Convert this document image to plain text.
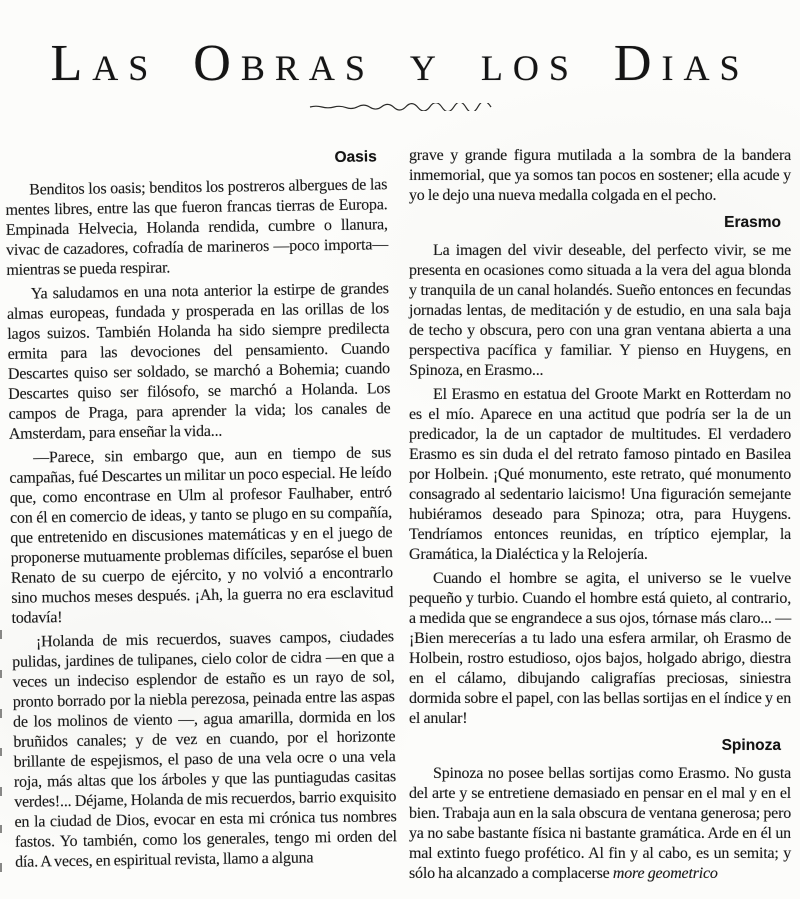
Las Obras y los Dias
Oasis

Benditos los oasis; benditos los postreros albergues de las mentes libres, entre las que fueron francas tierras de Europa. Empinada Helvecia, Holanda rendida, cumbre o llanura, vivac de cazadores, cofradía de marineros —poco importa— mientras se pueda respirar.

Ya saludamos en una nota anterior la estirpe de grandes almas europeas, fundada y prosperada en las orillas de los lagos suizos. También Holanda ha sido siempre predilecta ermita para las devociones del pensamiento. Cuando Descartes quiso ser soldado, se marchó a Bohemia; cuando Descartes quiso ser filósofo, se marchó a Holanda. Los campos de Praga, para aprender la vida; los canales de Amsterdam, para enseñar la vida...

—Parece, sin embargo que, aun en tiempo de sus campañas, fué Descartes un militar un poco especial. He leído que, como encontrase en Ulm al profesor Faulhaber, entró con él en comercio de ideas, y tanto se plugo en su compañía, que entretenido en discusiones matemáticas y en el juego de proponerse mutuamente problemas difíciles, separóse el buen Renato de su cuerpo de ejército, y no volvió a encontrarlo sino muchos meses después. ¡Ah, la guerra no era esclavitud todavía!

¡Holanda de mis recuerdos, suaves campos, ciudades pulidas, jardines de tulipanes, cielo color de cidra —en que a veces un indeciso esplendor de estaño es un rayo de sol, pronto borrado por la niebla perezosa, peinada entre las aspas de los molinos de viento —, agua amarilla, dormida en los bruñidos canales; y de vez en cuando, por el horizonte brillante de espejismos, el paso de una vela ocre o una vela roja, más altas que los árboles y que las puntiagudas casitas verdes!... Déjame, Holanda de mis recuerdos, barrio exquisito en la ciudad de Dios, evocar en esta mi crónica tus nombres fastos. Yo también, como los generales, tengo mi orden del día. A veces, en espiritual revista, llamo a alguna

grave y grande figura mutilada a la sombra de la bandera inmemorial, que ya somos tan pocos en sostener; ella acude y yo le dejo una nueva medalla colgada en el pecho.

Erasmo

La imagen del vivir deseable, del perfecto vivir, se me presenta en ocasiones como situada a la vera del agua blonda y tranquila de un canal holandés. Sueño entonces en fecundas jornadas lentas, de meditación y de estudio, en una sala baja de techo y obscura, pero con una gran ventana abierta a una perspectiva pacífica y familiar. Y pienso en Huygens, en Spinoza, en Erasmo...

El Erasmo en estatua del Groote Markt en Rotterdam no es el mío. Aparece en una actitud que podría ser la de un predicador, la de un captador de multitudes. El verdadero Erasmo es sin duda el del retrato famoso pintado en Basilea por Holbein. ¡Qué monumento, este retrato, qué monumento consagrado al sedentario laicismo! Una figuración semejante hubiéramos deseado para Spinoza; otra, para Huygens. Tendríamos entonces reunidas, en tríptico ejemplar, la Gramática, la Dialéctica y la Relojería.

Cuando el hombre se agita, el universo se le vuelve pequeño y turbio. Cuando el hombre está quieto, al contrario, a medida que se engrandece a sus ojos, tórnase más claro... —¡Bien merecerías a tu lado una esfera armilar, oh Erasmo de Holbein, rostro estudioso, ojos bajos, holgado abrigo, diestra en el cálamo, dibujando caligrafías preciosas, siniestra dormida sobre el papel, con las bellas sortijas en el índice y en el anular!

Spinoza

Spinoza no posee bellas sortijas como Erasmo. No gusta del arte y se entretiene demasiado en pensar en el mal y en el bien. Trabaja aun en la sala obscura de ventana generosa; pero ya no sabe bastante física ni bastante gramática. Arde en él un mal extinto fuego profético. Al fin y al cabo, es un semita; y sólo ha alcanzado a complacerse more geometrico
